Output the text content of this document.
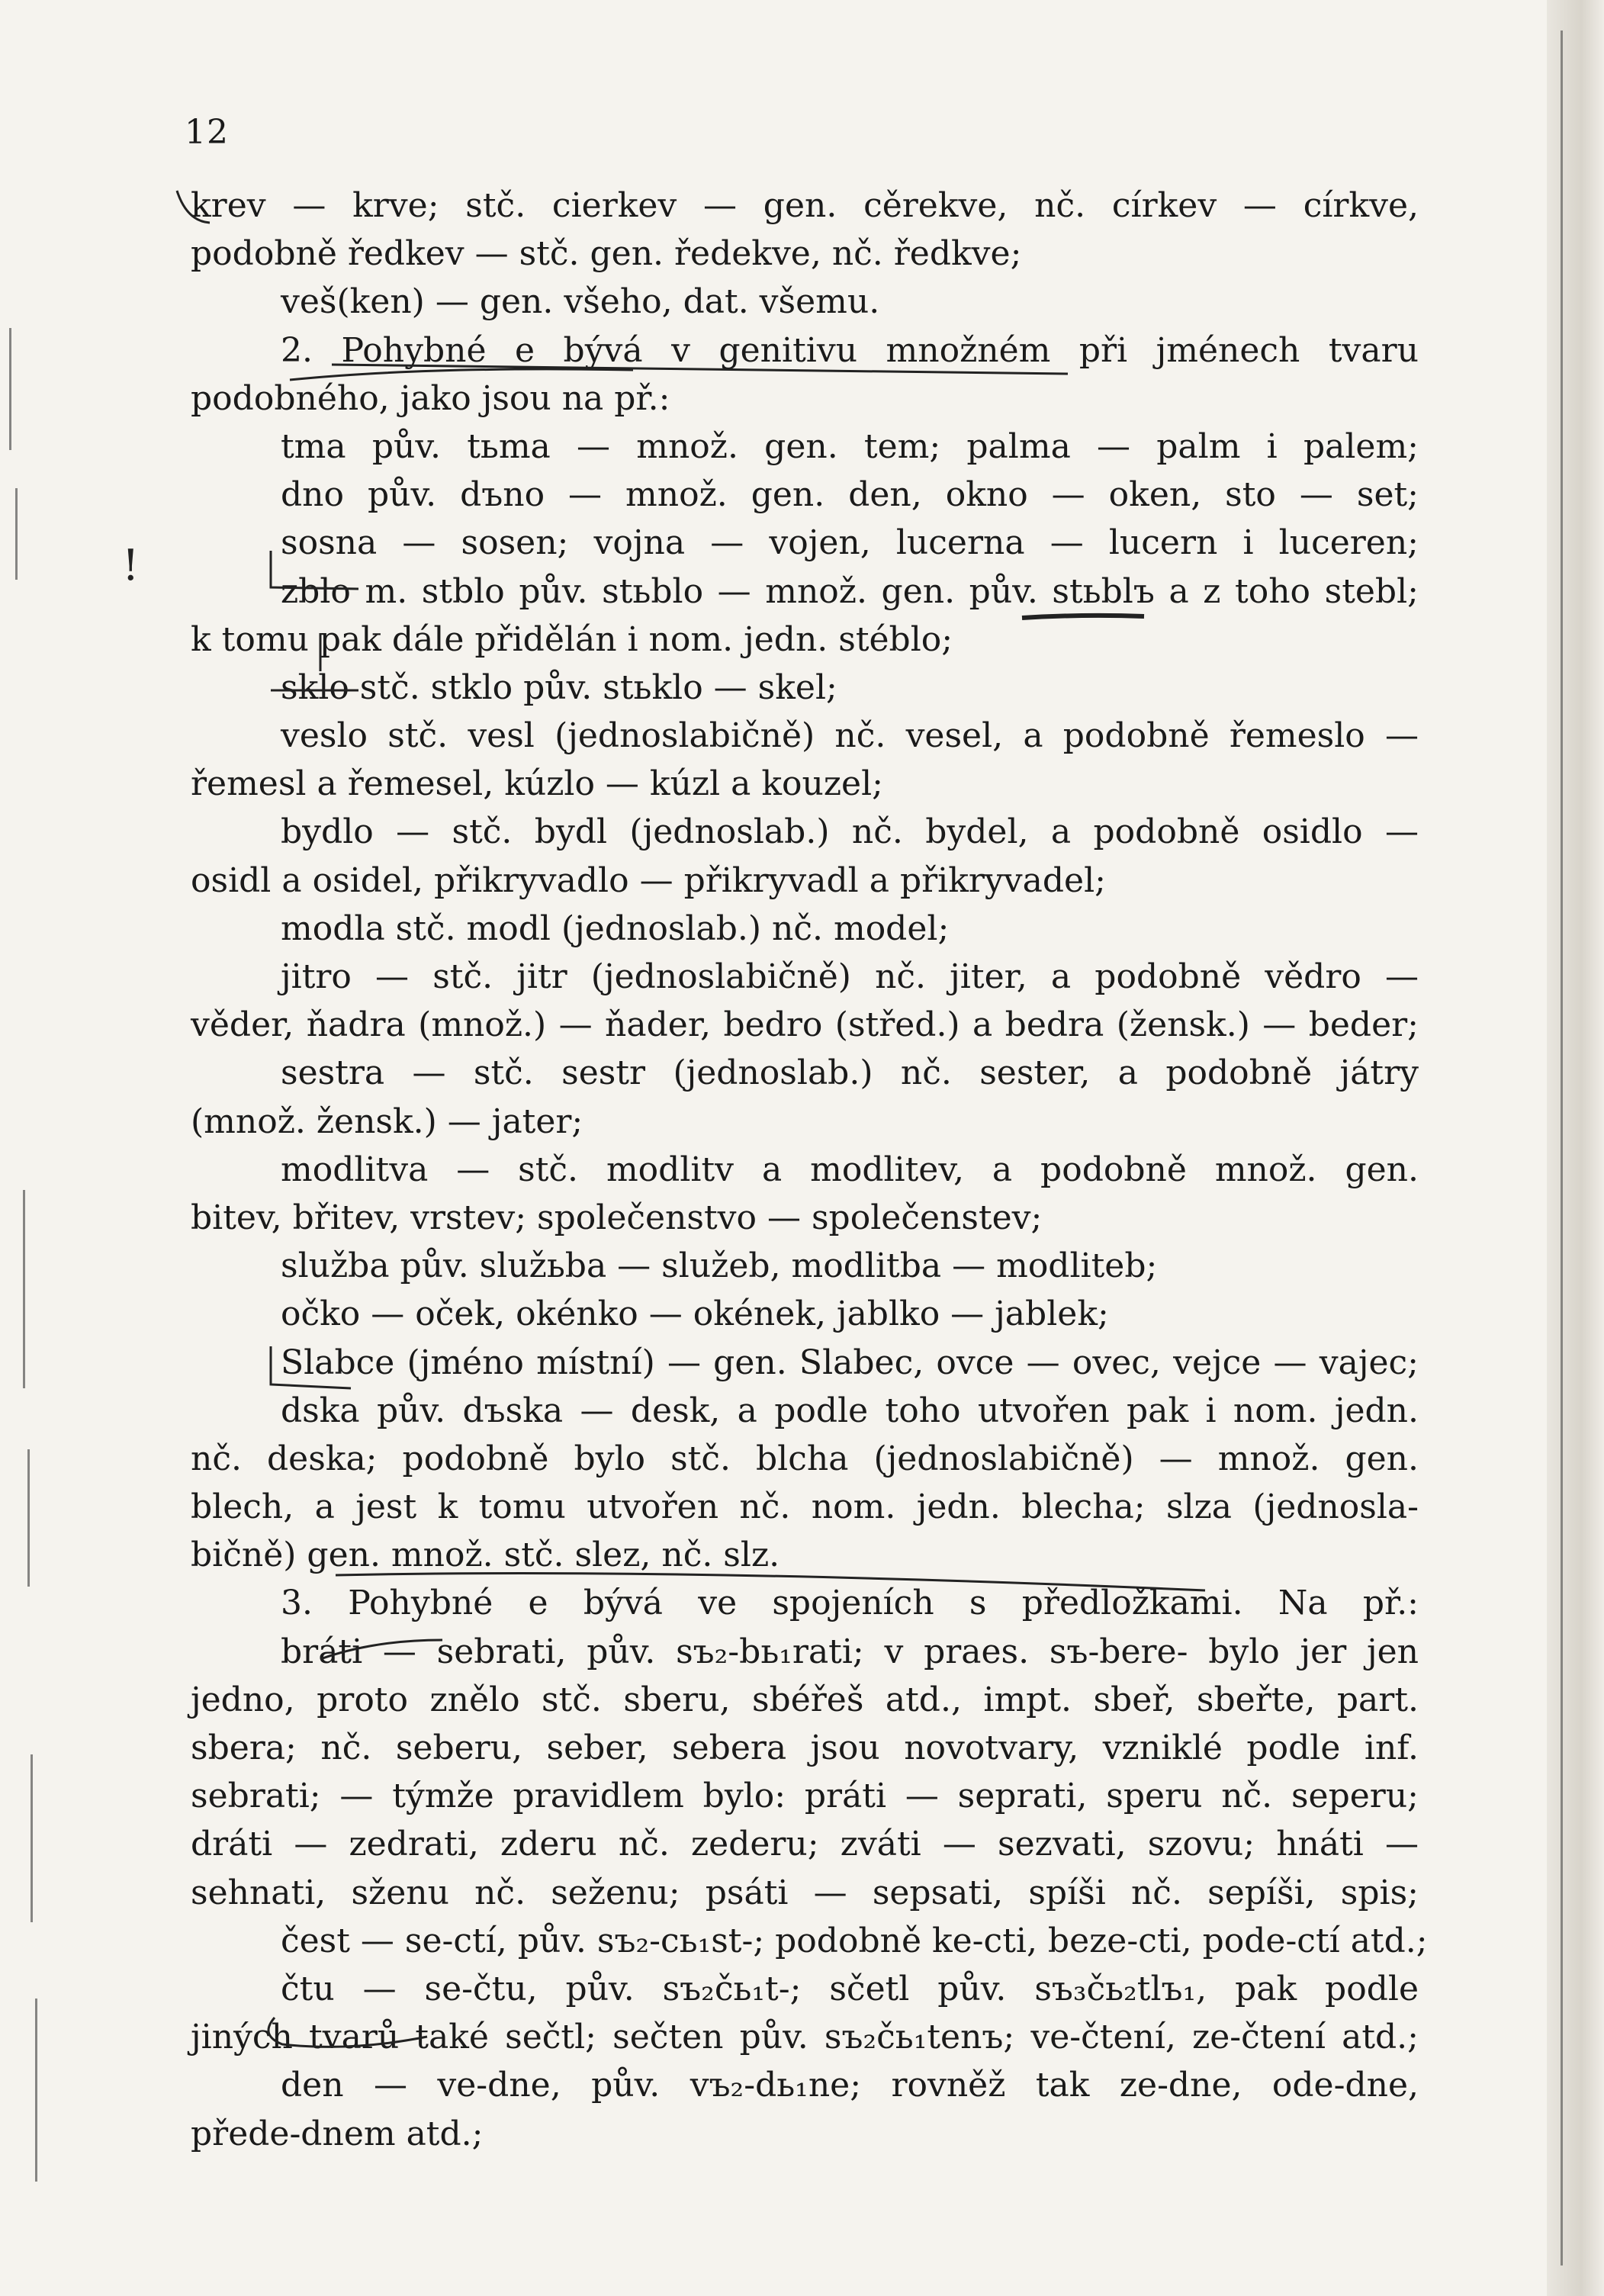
12
krev — krve; stč. cierkev — gen. cěrekve, nč. církev — církve,
podobně ředkev — stč. gen. ředekve, nč. ředkve;
veš(ken) — gen. všeho, dat. všemu.
2. Pohybné e bývá v genitivu množném při jménech tvaru
podobného, jako jsou na př.:
tma pův. tьma — množ. gen. tem; palma — palm i palem;
dno pův. dъno — množ. gen. den, okno — oken, sto — set;
sosna — sosen; vojna — vojen, lucerna — lucern i luceren;
zblo m. stblo pův. stьblo — množ. gen. pův. stьblъ a z toho stebl;
k tomu pak dále přidělán i nom. jedn. stéblo;
sklo stč. stklo pův. stьklo — skel;
veslo stč. vesl (jednoslabičně) nč. vesel, a podobně řemeslo —
řemesl a řemesel, kúzlo — kúzl a kouzel;
bydlo — stč. bydl (jednoslab.) nč. bydel, a podobně osidlo —
osidl a osidel, přikryvadlo — přikryvadl a přikryvadel;
modla stč. modl (jednoslab.) nč. model;
jitro — stč. jitr (jednoslabičně) nč. jiter, a podobně vědro —
věder, ňadra (množ.) — ňader, bedro (střed.) a bedra (žensk.) — beder;
sestra — stč. sestr (jednoslab.) nč. sester, a podobně játry
(množ. žensk.) — jater;
modlitva — stč. modlitv a modlitev, a podobně množ. gen.
bitev, břitev, vrstev; společenstvo — společenstev;
služba pův. služьba — služeb, modlitba — modliteb;
očko — oček, okénko — okének, jablko — jablek;
Slabce (jméno místní) — gen. Slabec, ovce — ovec, vejce — vajec;
dska pův. dъska — desk, a podle toho utvořen pak i nom. jedn.
nč. deska; podobně bylo stč. blcha (jednoslabičně) — množ. gen.
blech, a jest k tomu utvořen nč. nom. jedn. blecha; slza (jednosla-
bičně) gen. množ. stč. slez, nč. slz.
3. Pohybné e bývá ve spojeních s předložkami. Na př.:
bráti — sebrati, pův. sъ₂-bь₁rati; v praes. sъ-bere- bylo jer jen
jedno, proto znělo stč. sberu, sbéřeš atd., impt. sbeř, sbeřte, part.
sbera; nč. seberu, seber, sebera jsou novotvary, vzniklé podle inf.
sebrati; — týmže pravidlem bylo: práti — seprati, speru nč. seperu;
dráti — zedrati, zderu nč. zederu; zváti — sezvati, szovu; hnáti —
sehnati, sženu nč. seženu; psáti — sepsati, spíši nč. sepíši, spis;
čest — se-ctí, pův. sъ₂-cь₁st-; podobně ke-cti, beze-cti, pode-ctí atd.;
čtu — se-čtu, pův. sъ₂čь₁t-; sčetl pův. sъ₃čь₂tlъ₁, pak podle
jiných tvarů také sečtl; sečten pův. sъ₂čь₁tenъ; ve-čtení, ze-čtení atd.;
den — ve-dne, pův. vъ₂-dь₁ne; rovněž tak ze-dne, ode-dne,
přede-dnem atd.;
!
